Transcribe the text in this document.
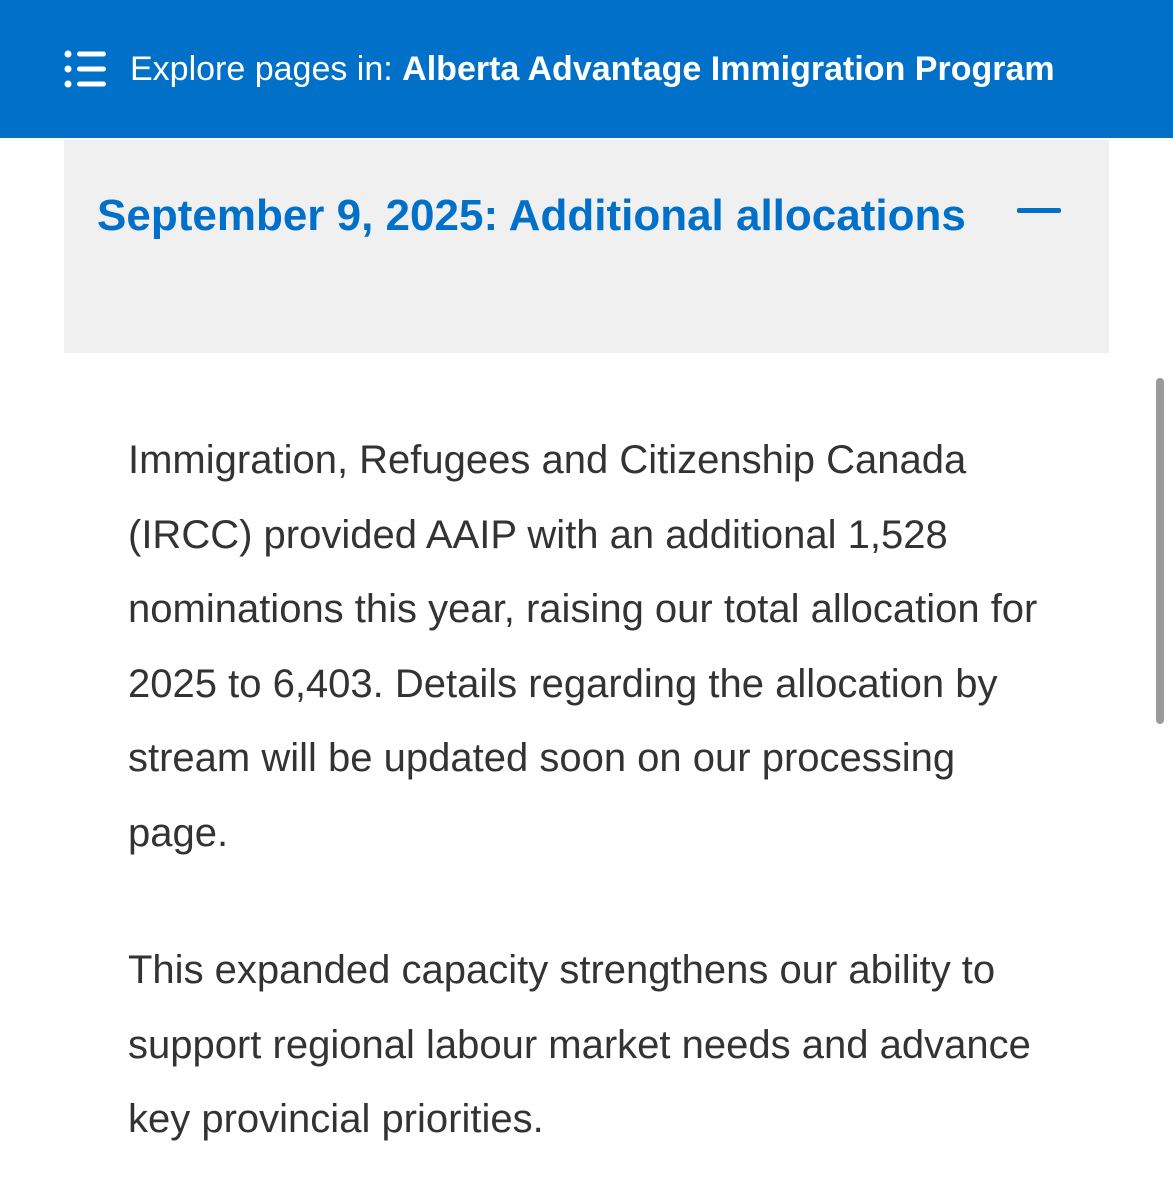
Explore pages in: Alberta Advantage Immigration Program
September 9, 2025: Additional allocations

Immigration, Refugees and Citizenship Canada (IRCC) provided AAIP with an additional 1,528 nominations this year, raising our total allocation for 2025 to 6,403. Details regarding the allocation by stream will be updated soon on our processing page.

This expanded capacity strengthens our ability to support regional labour market needs and advance key provincial priorities.
